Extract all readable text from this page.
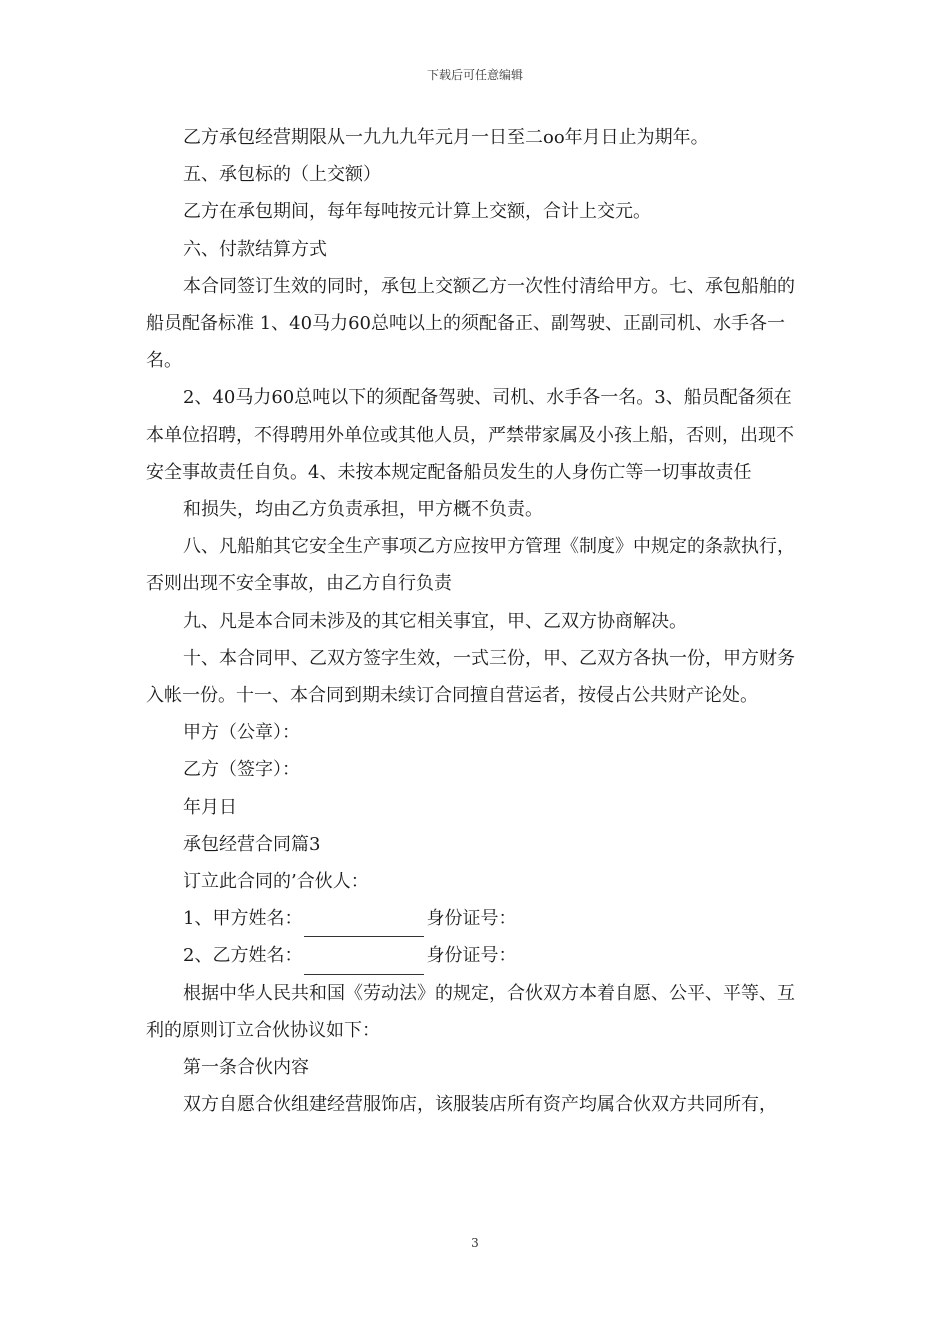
下载后可任意编辑

乙方承包经营期限从一九九九年元月一日至二oo年月日止为期年。

五、承包标的（上交额）

乙方在承包期间，每年每吨按元计算上交额，合计上交元。

六、付款结算方式

本合同签订生效的同时，承包上交额乙方一次性付清给甲方。七、承包船舶的船员配备标准 1、40马力60总吨以上的须配备正、副驾驶、正副司机、水手各一名。

2、40马力60总吨以下的须配备驾驶、司机、水手各一名。3、船员配备须在本单位招聘，不得聘用外单位或其他人员，严禁带家属及小孩上船，否则，出现不安全事故责任自负。4、未按本规定配备船员发生的人身伤亡等一切事故责任

和损失，均由乙方负责承担，甲方概不负责。

八、凡船舶其它安全生产事项乙方应按甲方管理《制度》中规定的条款执行，否则出现不安全事故，由乙方自行负责

九、凡是本合同未涉及的其它相关事宜，甲、乙双方协商解决。

十、本合同甲、乙双方签字生效，一式三份，甲、乙双方各执一份，甲方财务入帐一份。十一、本合同到期未续订合同擅自营运者，按侵占公共财产论处。

甲方（公章）：

乙方（签字）：

年月日

承包经营合同篇3

订立此合同的’合伙人：

1、甲方姓名：	身份证号：

2、乙方姓名：	身份证号：

根据中华人民共和国《劳动法》的规定，合伙双方本着自愿、公平、平等、互利的原则订立合伙协议如下：

第一条合伙内容

双方自愿合伙组建经营服饰店，该服装店所有资产均属合伙双方共同所有，

3
